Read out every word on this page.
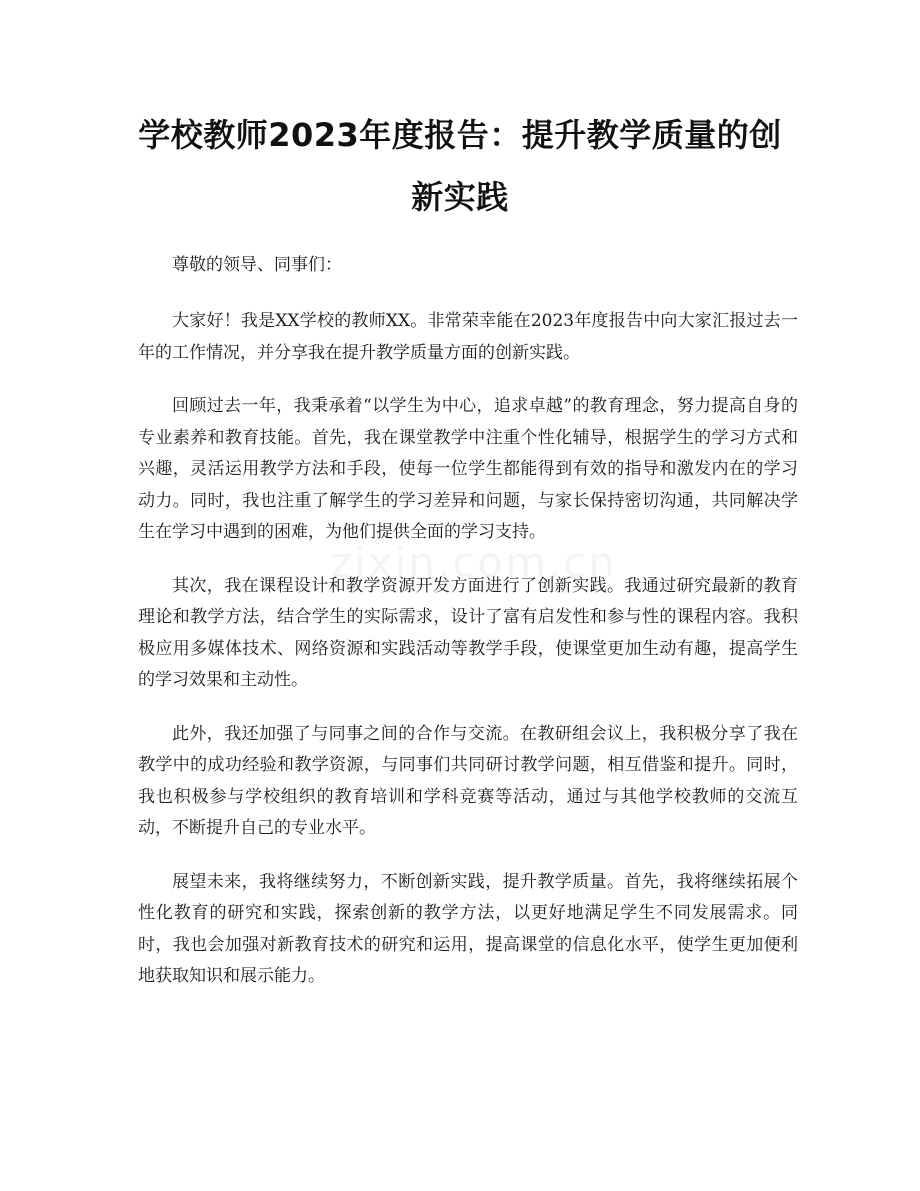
学校教师2023年度报告：提升教学质量的创新实践
zixin.com.cn

尊敬的领导、同事们：

大家好！我是XX学校的教师XX。非常荣幸能在2023年度报告中向大家汇报过去一年的工作情况，并分享我在提升教学质量方面的创新实践。

回顾过去一年，我秉承着“以学生为中心，追求卓越”的教育理念，努力提高自身的专业素养和教育技能。首先，我在课堂教学中注重个性化辅导，根据学生的学习方式和兴趣，灵活运用教学方法和手段，使每一位学生都能得到有效的指导和激发内在的学习动力。同时，我也注重了解学生的学习差异和问题，与家长保持密切沟通，共同解决学生在学习中遇到的困难，为他们提供全面的学习支持。

其次，我在课程设计和教学资源开发方面进行了创新实践。我通过研究最新的教育理论和教学方法，结合学生的实际需求，设计了富有启发性和参与性的课程内容。我积极应用多媒体技术、网络资源和实践活动等教学手段，使课堂更加生动有趣，提高学生的学习效果和主动性。

此外，我还加强了与同事之间的合作与交流。在教研组会议上，我积极分享了我在教学中的成功经验和教学资源，与同事们共同研讨教学问题，相互借鉴和提升。同时，我也积极参与学校组织的教育培训和学科竞赛等活动，通过与其他学校教师的交流互动，不断提升自己的专业水平。

展望未来，我将继续努力，不断创新实践，提升教学质量。首先，我将继续拓展个性化教育的研究和实践，探索创新的教学方法，以更好地满足学生不同发展需求。同时，我也会加强对新教育技术的研究和运用，提高课堂的信息化水平，使学生更加便利地获取知识和展示能力。
